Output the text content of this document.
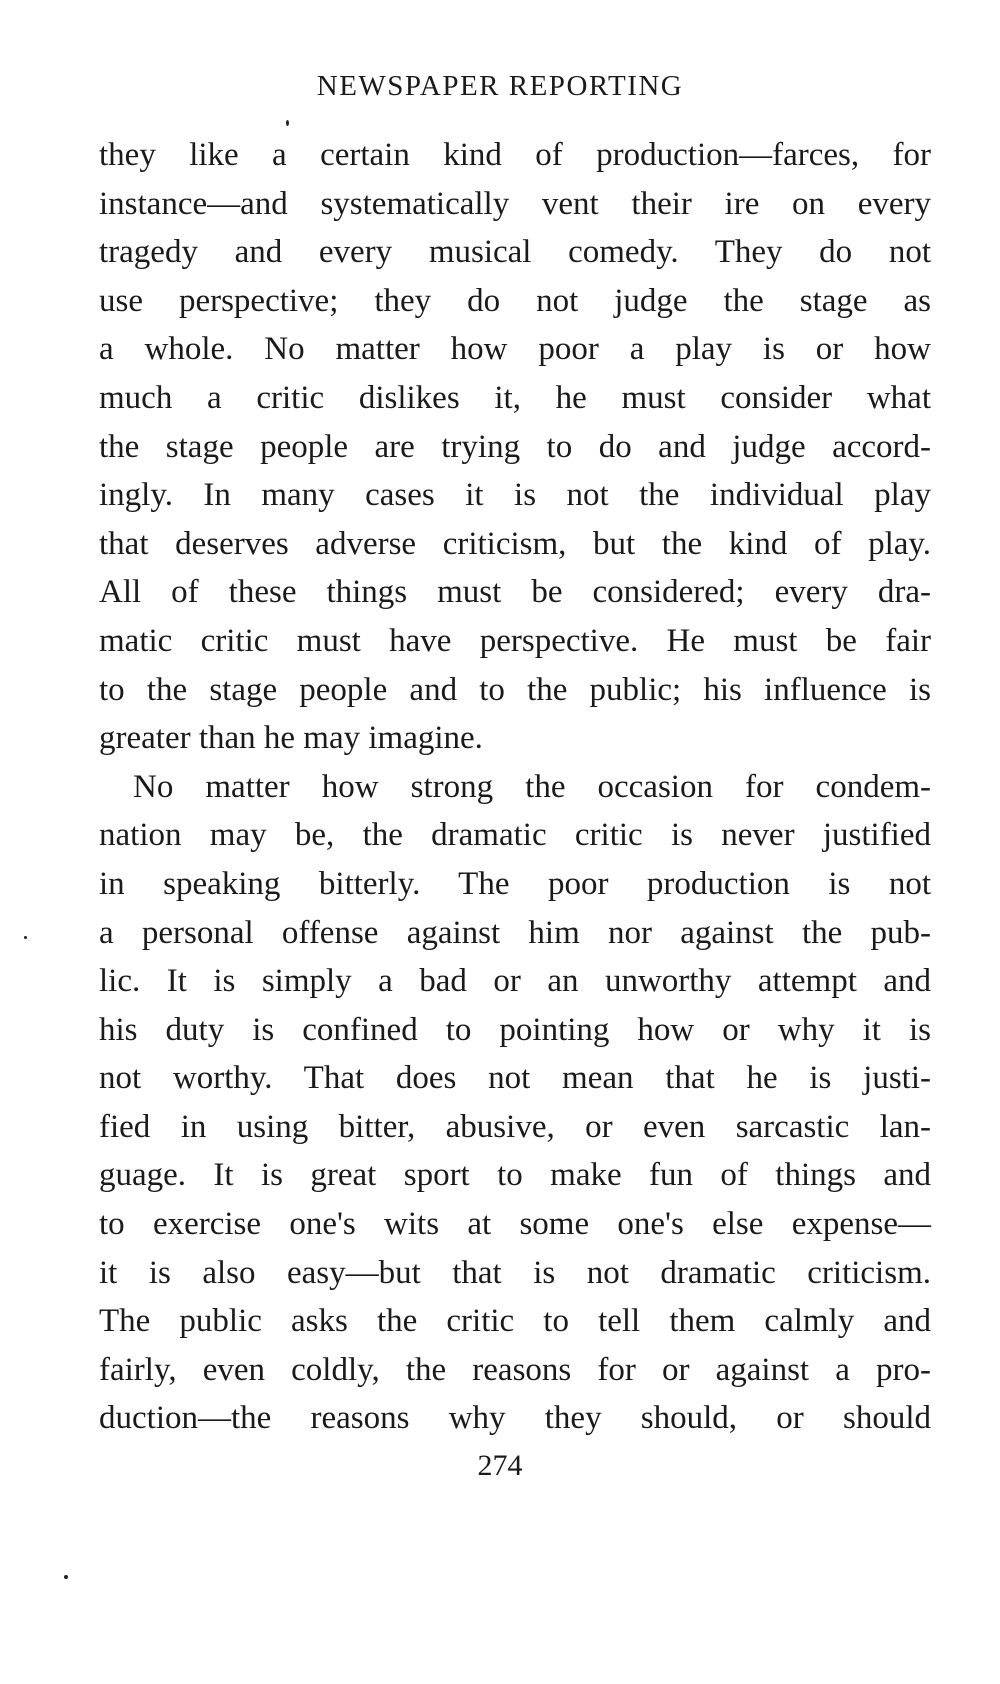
NEWSPAPER REPORTING
they like a certain kind of production—farces, for
instance—and systematically vent their ire on every
tragedy and every musical comedy. They do not
use perspective; they do not judge the stage as
a whole. No matter how poor a play is or how
much a critic dislikes it, he must consider what
the stage people are trying to do and judge accord-
ingly. In many cases it is not the individual play
that deserves adverse criticism, but the kind of play.
All of these things must be considered; every dra-
matic critic must have perspective. He must be fair
to the stage people and to the public; his influence is
greater than he may imagine.
No matter how strong the occasion for condem-
nation may be, the dramatic critic is never justified
in speaking bitterly. The poor production is not
a personal offense against him nor against the pub-
lic. It is simply a bad or an unworthy attempt and
his duty is confined to pointing how or why it is
not worthy. That does not mean that he is justi-
fied in using bitter, abusive, or even sarcastic lan-
guage. It is great sport to make fun of things and
to exercise one's wits at some one's else expense—
it is also easy—but that is not dramatic criticism.
The public asks the critic to tell them calmly and
fairly, even coldly, the reasons for or against a pro-
duction—the reasons why they should, or should
274
